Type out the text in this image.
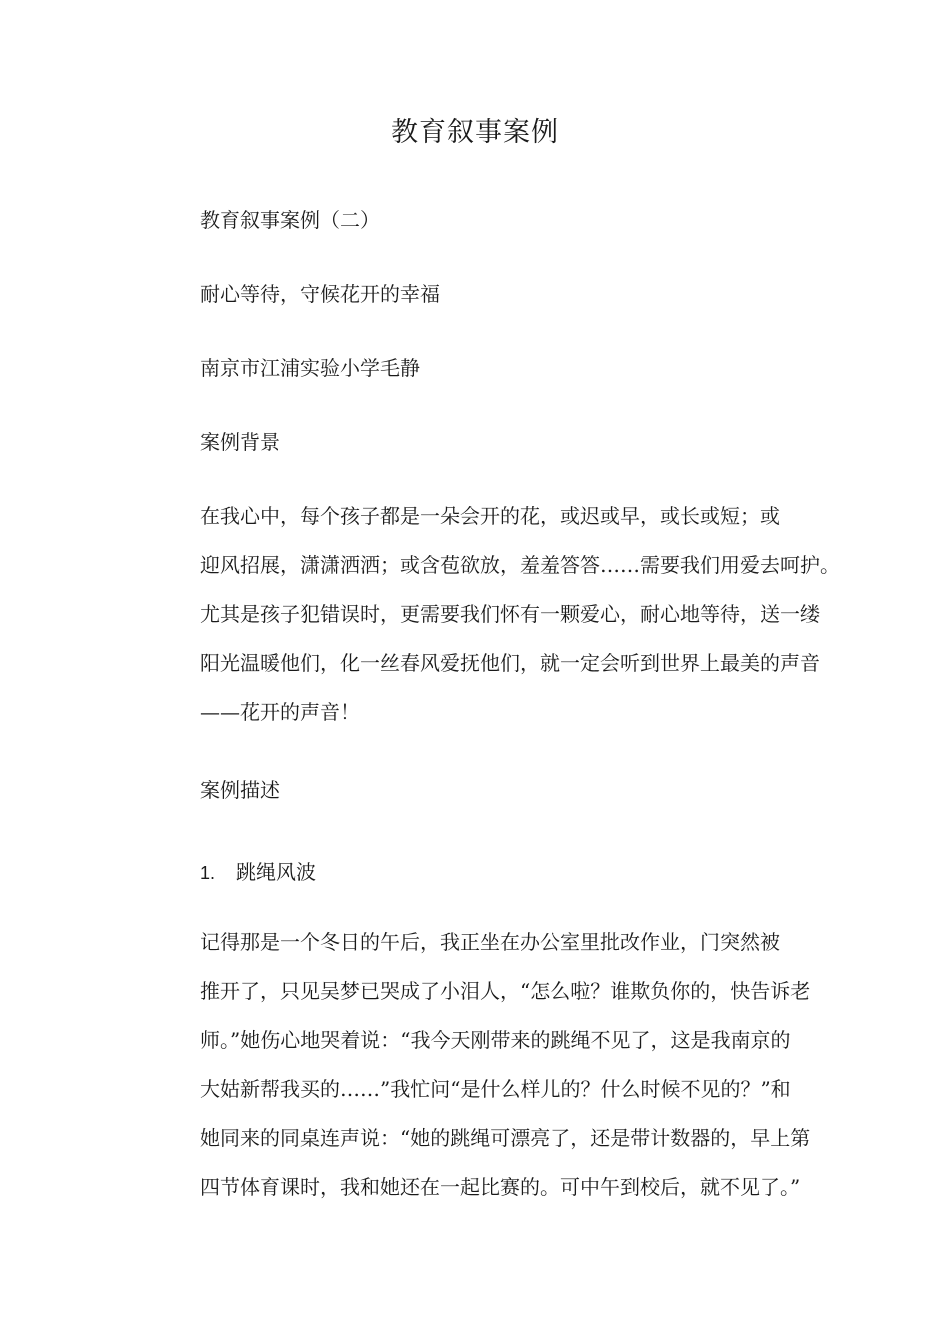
教育叙事案例
教育叙事案例（二）
耐心等待，守候花开的幸福
南京市江浦实验小学毛静
案例背景
在我心中，每个孩子都是一朵会开的花，或迟或早，或长或短；或
迎风招展，潇潇洒洒；或含苞欲放，羞羞答答……需要我们用爱去呵护。
尤其是孩子犯错误时，更需要我们怀有一颗爱心，耐心地等待，送一缕
阳光温暖他们，化一丝春风爱抚他们，就一定会听到世界上最美的声音
——花开的声音！
案例描述
1. 跳绳风波
记得那是一个冬日的午后，我正坐在办公室里批改作业，门突然被
推开了，只见吴梦已哭成了小泪人，“怎么啦？谁欺负你的，快告诉老
师。”她伤心地哭着说：“我今天刚带来的跳绳不见了，这是我南京的
大姑新帮我买的……”我忙问“是什么样儿的？什么时候不见的？”和
她同来的同桌连声说：“她的跳绳可漂亮了，还是带计数器的，早上第
四节体育课时，我和她还在一起比赛的。可中午到校后，就不见了。”
